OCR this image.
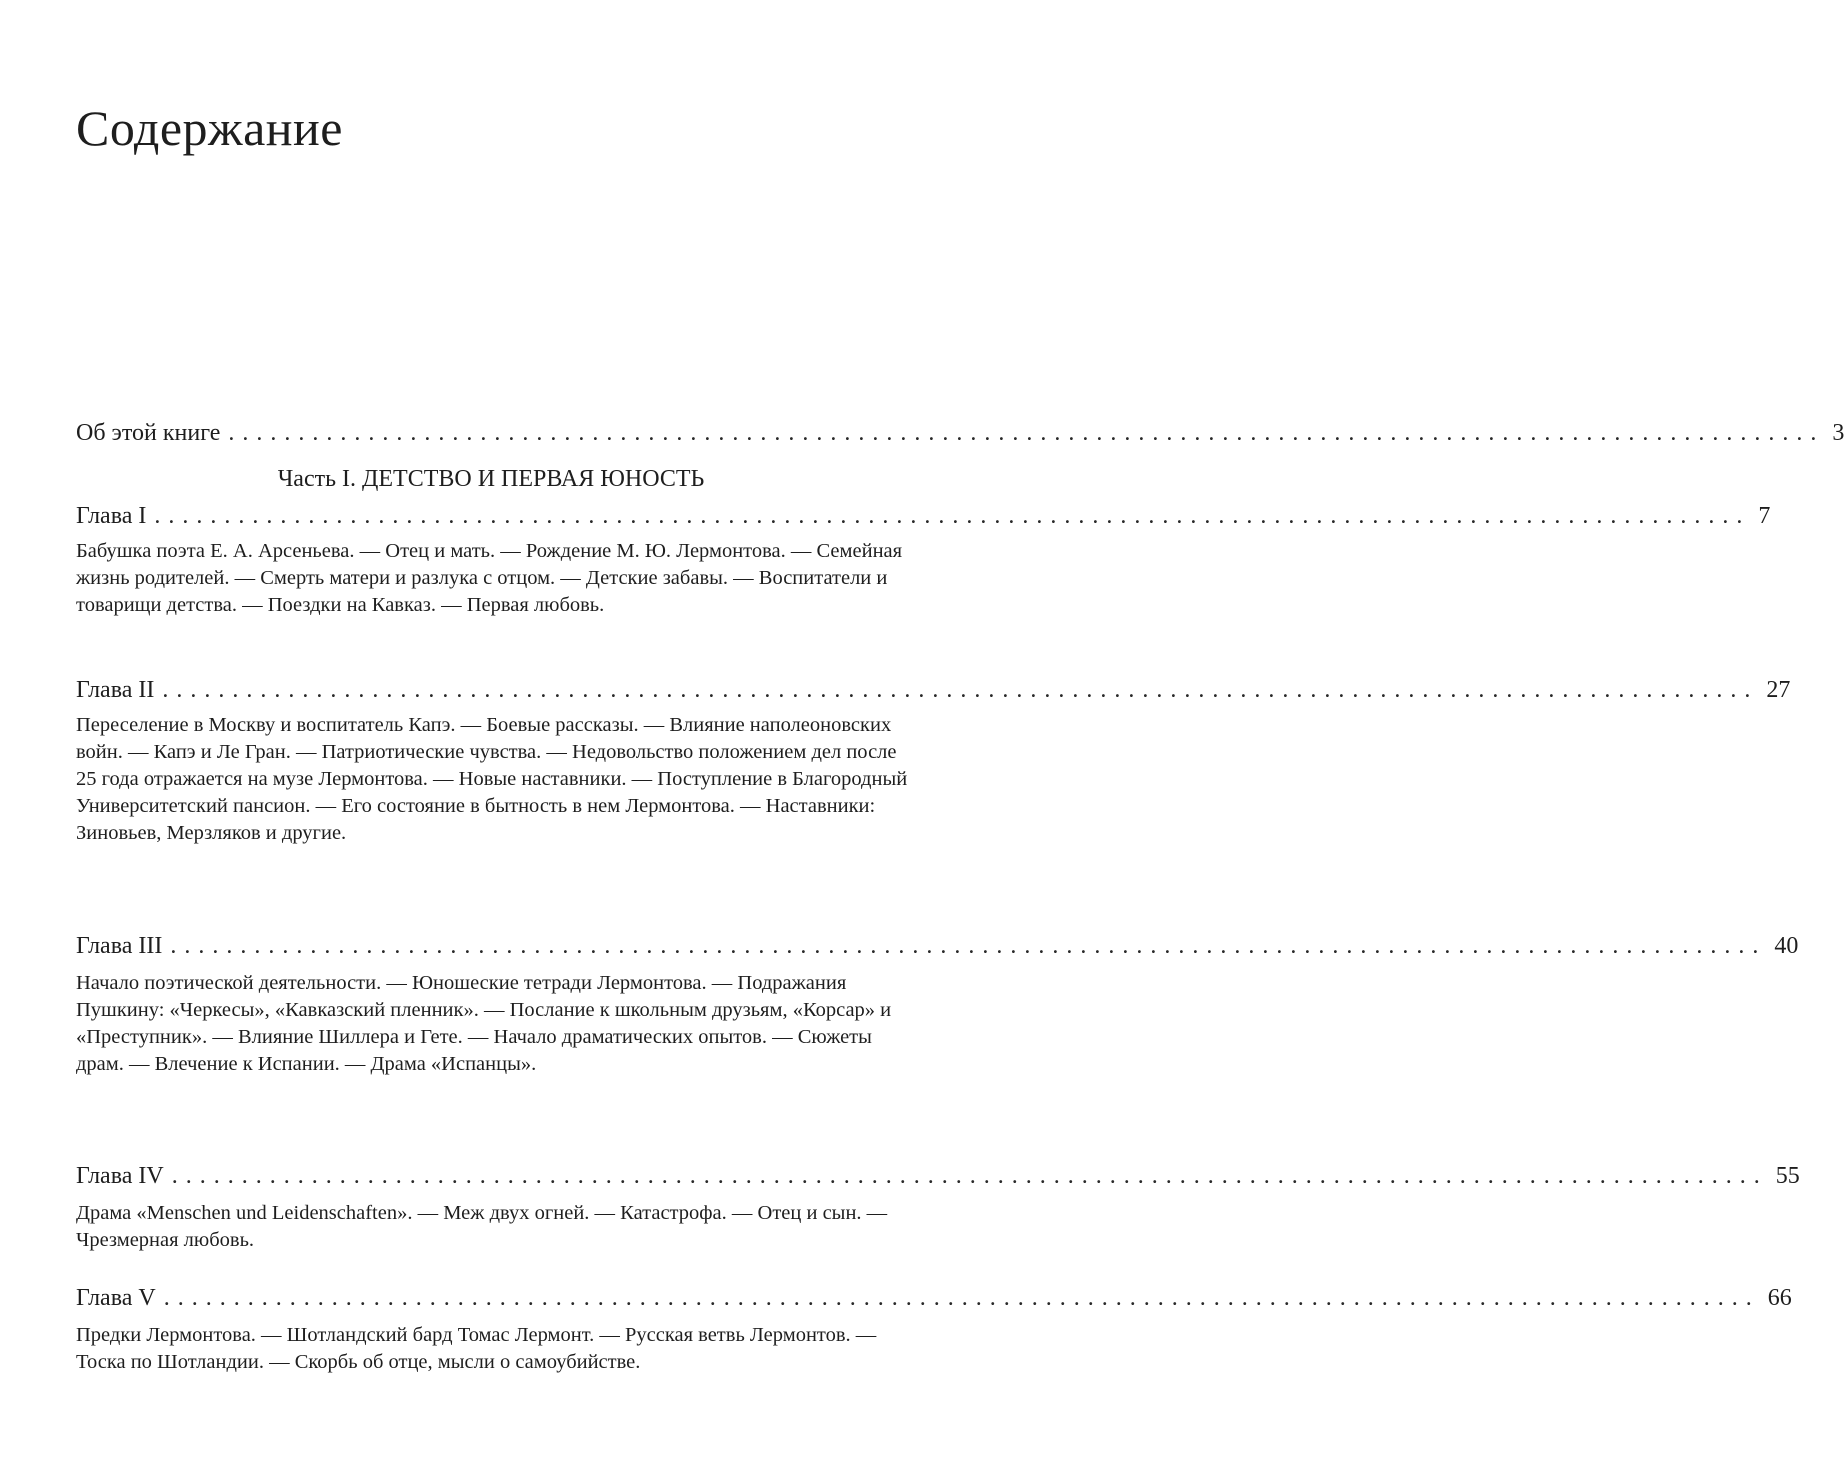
Содержание
Об этой книге .................................................................................................................. 3
Часть I. ДЕТСТВО И ПЕРВАЯ ЮНОСТЬ
Глава I .................................................................................................................. 7

Бабушка поэта Е. А. Арсеньева. — Отец и мать. — Рождение М. Ю. Лермонтова. — Семейная жизнь родителей. — Смерть матери и разлука с отцом. — Детские забавы. — Воспитатели и товарищи детства. — Поездки на Кавказ. — Первая любовь.

Глава II .................................................................................................................. 27

Переселение в Москву и воспитатель Капэ. — Боевые рассказы. — Влияние наполеоновских войн. — Капэ и Ле Гран. — Патриотические чувства. — Недовольство положением дел после 25 года отражается на музе Лермонтова. — Новые наставники. — Поступление в Благородный Университетский пансион. — Его состояние в бытность в нем Лермонтова. — Наставники: Зиновьев, Мерзляков и другие.

Глава III .................................................................................................................. 40

Начало поэтической деятельности. — Юношеские тетради Лермонтова. — Подражания Пушкину: «Черкесы», «Кавказский пленник». — Послание к школьным друзьям, «Корсар» и «Преступник». — Влияние Шиллера и Гете. — Начало драматических опытов. — Сюжеты драм. — Влечение к Испании. — Драма «Испанцы».

Глава IV .................................................................................................................. 55

Драма «Menschen und Leidenschaften». — Меж двух огней. — Катастрофа. — Отец и сын. — Чрезмерная любовь.

Глава V .................................................................................................................. 66

Предки Лермонтова. — Шотландский бард Томас Лермонт. — Русская ветвь Лермонтов. — Тоска по Шотландии. — Скорбь об отце, мысли о самоубийстве.
